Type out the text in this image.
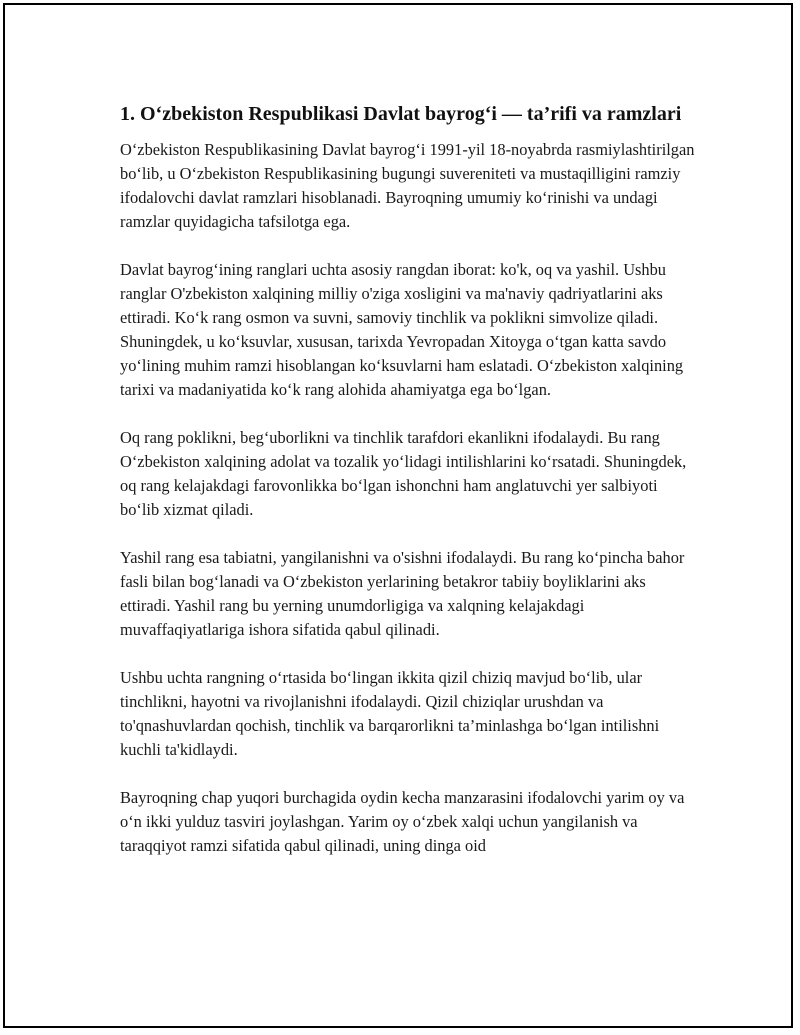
1. O‘zbekiston Respublikasi Davlat bayrog‘i — ta’rifi va ramzlari

O‘zbekiston Respublikasining Davlat bayrog‘i 1991-yil 18-noyabrda rasmiylashtirilgan bo‘lib, u O‘zbekiston Respublikasining bugungi suvereniteti va mustaqilligini ramziy ifodalovchi davlat ramzlari hisoblanadi. Bayroqning umumiy ko‘rinishi va undagi ramzlar quyidagicha tafsilotga ega.

Davlat bayrog‘ining ranglari uchta asosiy rangdan iborat: ko'k, oq va yashil. Ushbu ranglar O'zbekiston xalqining milliy o'ziga xosligini va ma'naviy qadriyatlarini aks ettiradi. Ko‘k rang osmon va suvni, samoviy tinchlik va poklikni simvolize qiladi. Shuningdek, u ko‘ksuvlar, xususan, tarixda Yevropadan Xitoyga o‘tgan katta savdo yo‘lining muhim ramzi hisoblangan ko‘ksuvlarni ham eslatadi. O‘zbekiston xalqining tarixi va madaniyatida ko‘k rang alohida ahamiyatga ega bo‘lgan.

Oq rang poklikni, beg‘uborlikni va tinchlik tarafdori ekanlikni ifodalaydi. Bu rang O‘zbekiston xalqining adolat va tozalik yo‘lidagi intilishlarini ko‘rsatadi. Shuningdek, oq rang kelajakdagi farovonlikka bo‘lgan ishonchni ham anglatuvchi yer salbiyoti bo‘lib xizmat qiladi.

Yashil rang esa tabiatni, yangilanishni va o'sishni ifodalaydi. Bu rang ko‘pincha bahor fasli bilan bog‘lanadi va O‘zbekiston yerlarining betakror tabiiy boyliklarini aks ettiradi. Yashil rang bu yerning unumdorligiga va xalqning kelajakdagi muvaffaqiyatlariga ishora sifatida qabul qilinadi.

Ushbu uchta rangning o‘rtasida bo‘lingan ikkita qizil chiziq mavjud bo‘lib, ular tinchlikni, hayotni va rivojlanishni ifodalaydi. Qizil chiziqlar urushdan va to'qnashuvlardan qochish, tinchlik va barqarorlikni ta’minlashga bo‘lgan intilishni kuchli ta'kidlaydi.

Bayroqning chap yuqori burchagida oydin kecha manzarasini ifodalovchi yarim oy va o‘n ikki yulduz tasviri joylashgan. Yarim oy o‘zbek xalqi uchun yangilanish va taraqqiyot ramzi sifatida qabul qilinadi, uning dinga oid
